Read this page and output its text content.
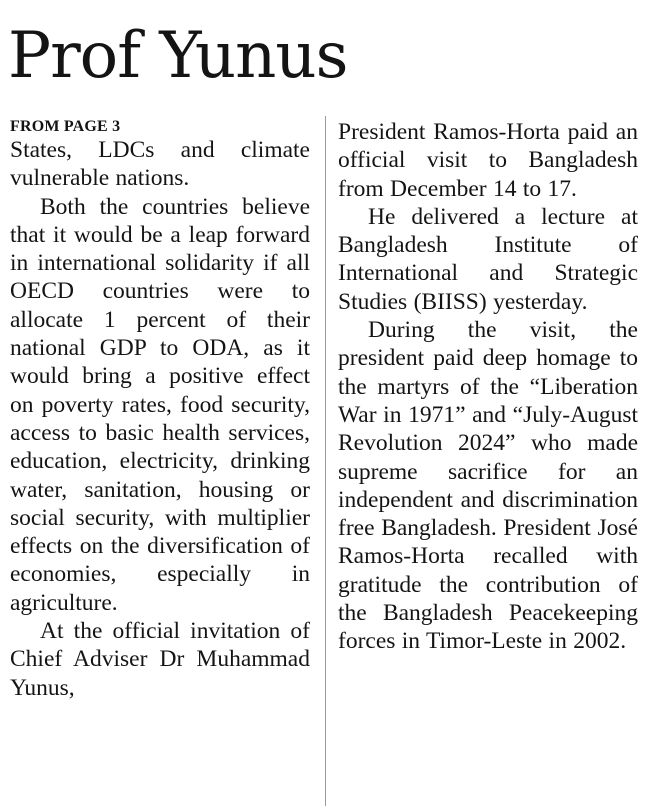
Prof Yunus
FROM PAGE 3

States, LDCs and climate vulnerable nations.

Both the countries believe that it would be a leap forward in international solidarity if all OECD countries were to allocate 1 percent of their national GDP to ODA, as it would bring a positive effect on poverty rates, food security, access to basic health services, education, electricity, drinking water, sanitation, housing or social security, with multiplier effects on the diversification of economies, especially in agriculture.

At the official invitation of Chief Adviser Dr Muhammad Yunus,

President Ramos-Horta paid an official visit to Bangladesh from December 14 to 17.

He delivered a lecture at Bangladesh Institute of International and Strategic Studies (BIISS) yesterday.

During the visit, the president paid deep homage to the martyrs of the “Liberation War in 1971” and “July-August Revolution 2024” who made supreme sacrifice for an independent and discrimination free Bangladesh. President José Ramos-Horta recalled with gratitude the contribution of the Bangladesh Peacekeeping forces in Timor-Leste in 2002.
